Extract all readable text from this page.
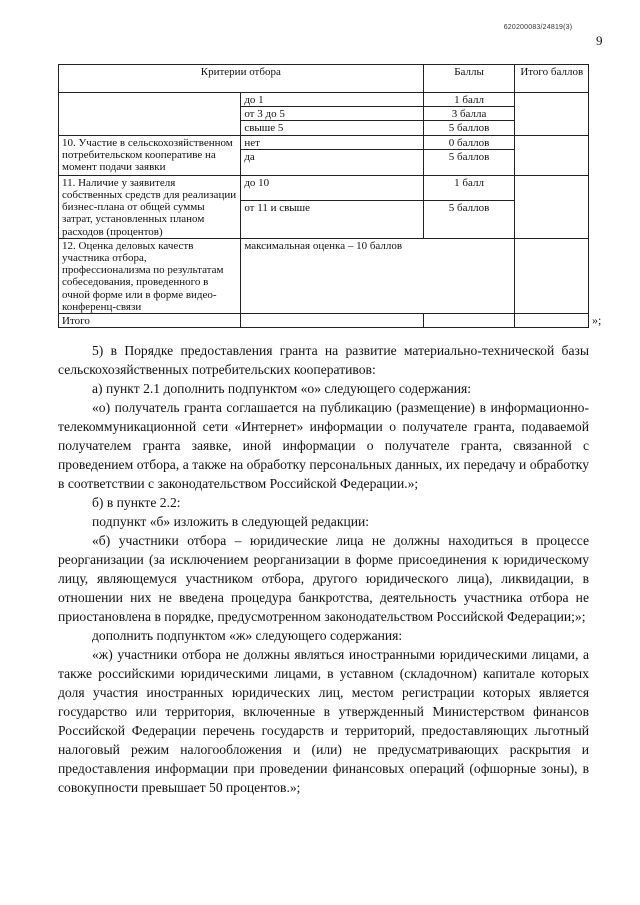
620200083/24819(3)
9
Критерии отбора		Баллы	Итого баллов
	до 1	1 балл	
	от 3 до 5	3 балла	
	свыше 5	5 баллов	
10. Участие в сельскохозяйственном потребительском кооперативе на момент подачи заявки	нет	0 баллов	
	да	5 баллов	
11. Наличие у заявителя собственных средств для реализации бизнес-плана от общей суммы затрат, установленных планом расходов (процентов)	до 10	1 балл	
	от 11 и свыше	5 баллов	
12. Оценка деловых качеств участника отбора, профессионализма по результатам собеседования, проведенного в очной форме или в форме видео-конференц-связи	максимальная оценка – 10 баллов		
Итого				»;

5) в Порядке предоставления гранта на развитие материально-технической базы сельскохозяйственных потребительских кооперативов:

а) пункт 2.1 дополнить подпунктом «о» следующего содержания:

«о) получатель гранта соглашается на публикацию (размещение) в информационно-телекоммуникационной сети «Интернет» информации о получателе гранта, подаваемой получателем гранта заявке, иной информации о получателе гранта, связанной с проведением отбора, а также на обработку персональных данных, их передачу и обработку в соответствии с законодательством Российской Федерации.»;

б) в пункте 2.2:

подпункт «б» изложить в следующей редакции:

«б) участники отбора – юридические лица не должны находиться в процессе реорганизации (за исключением реорганизации в форме присоединения к юридическому лицу, являющемуся участником отбора, другого юридического лица), ликвидации, в отношении них не введена процедура банкротства, деятельность участника отбора не приостановлена в порядке, предусмотренном законодательством Российской Федерации;»;

дополнить подпунктом «ж» следующего содержания:

«ж) участники отбора не должны являться иностранными юридическими лицами, а также российскими юридическими лицами, в уставном (складочном) капитале которых доля участия иностранных юридических лиц, местом регистрации которых является государство или территория, включенные в утвержденный Министерством финансов Российской Федерации перечень государств и территорий, предоставляющих льготный налоговый режим налогообложения и (или) не предусматривающих раскрытия и предоставления информации при проведении финансовых операций (офшорные зоны), в совокупности превышает 50 процентов.»;
